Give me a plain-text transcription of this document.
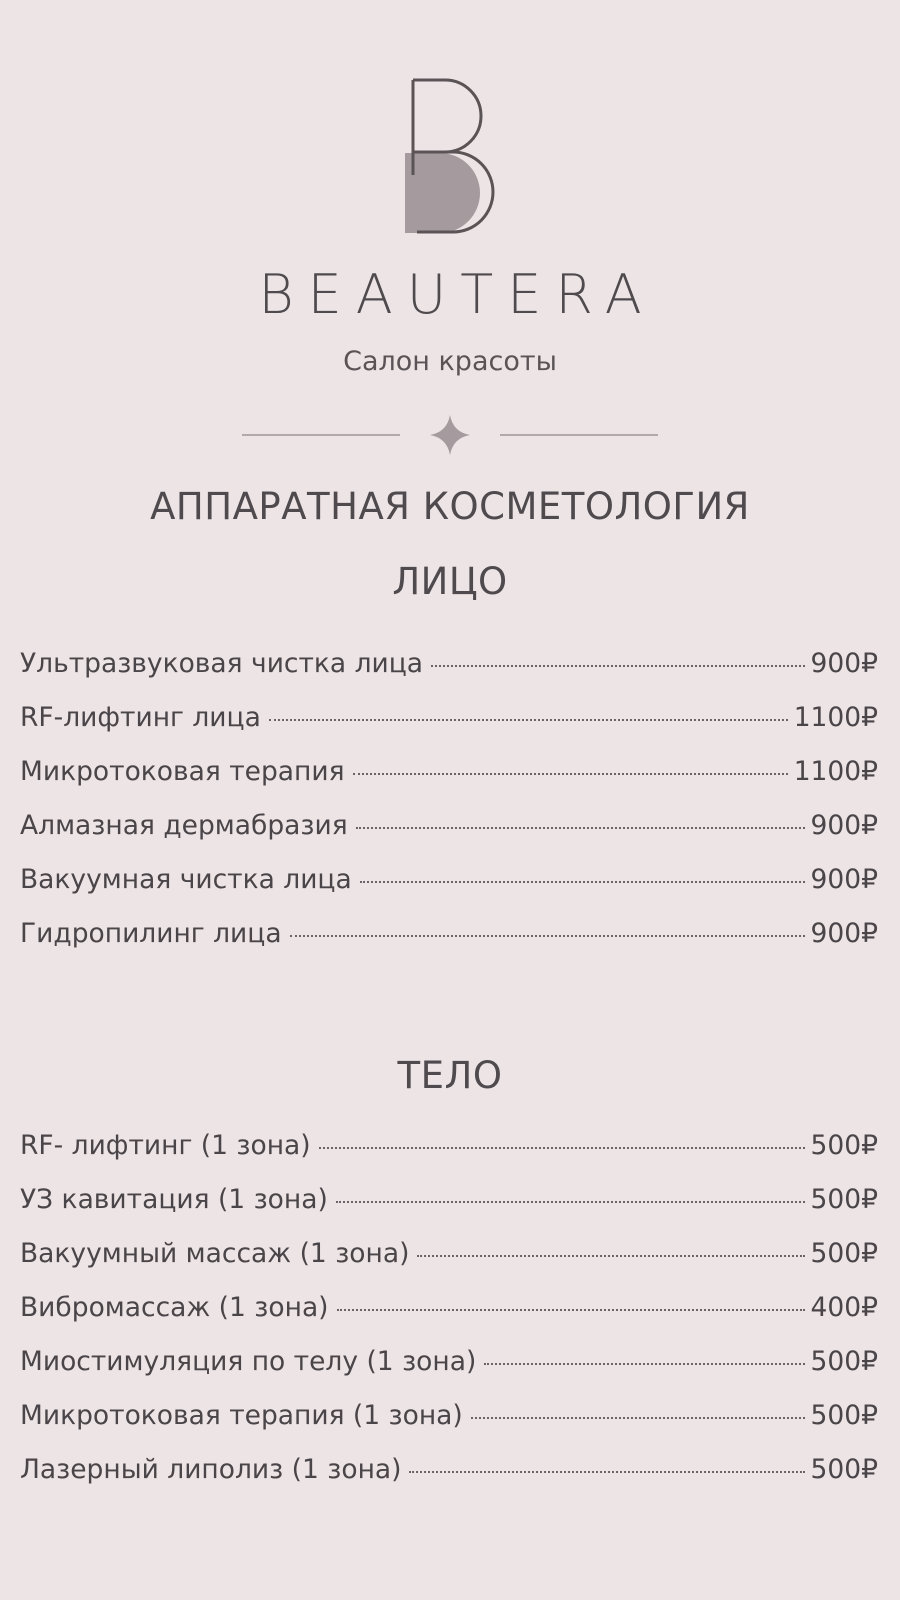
BEAUTERA
Салон красоты
АППАРАТНАЯ КОСМЕТОЛОГИЯ
ЛИЦО
Ультразвуковая чистка лица	900₽
RF-лифтинг лица	1100₽
Микротоковая терапия	1100₽
Алмазная дермабразия	900₽
Вакуумная чистка лица	900₽
Гидропилинг лица	900₽
ТЕЛО
RF- лифтинг (1 зона)	500₽
УЗ кавитация (1 зона)	500₽
Вакуумный массаж (1 зона)	500₽
Вибромассаж (1 зона)	400₽
Миостимуляция по телу (1 зона)	500₽
Микротоковая терапия (1 зона)	500₽
Лазерный липолиз (1 зона)	500₽
